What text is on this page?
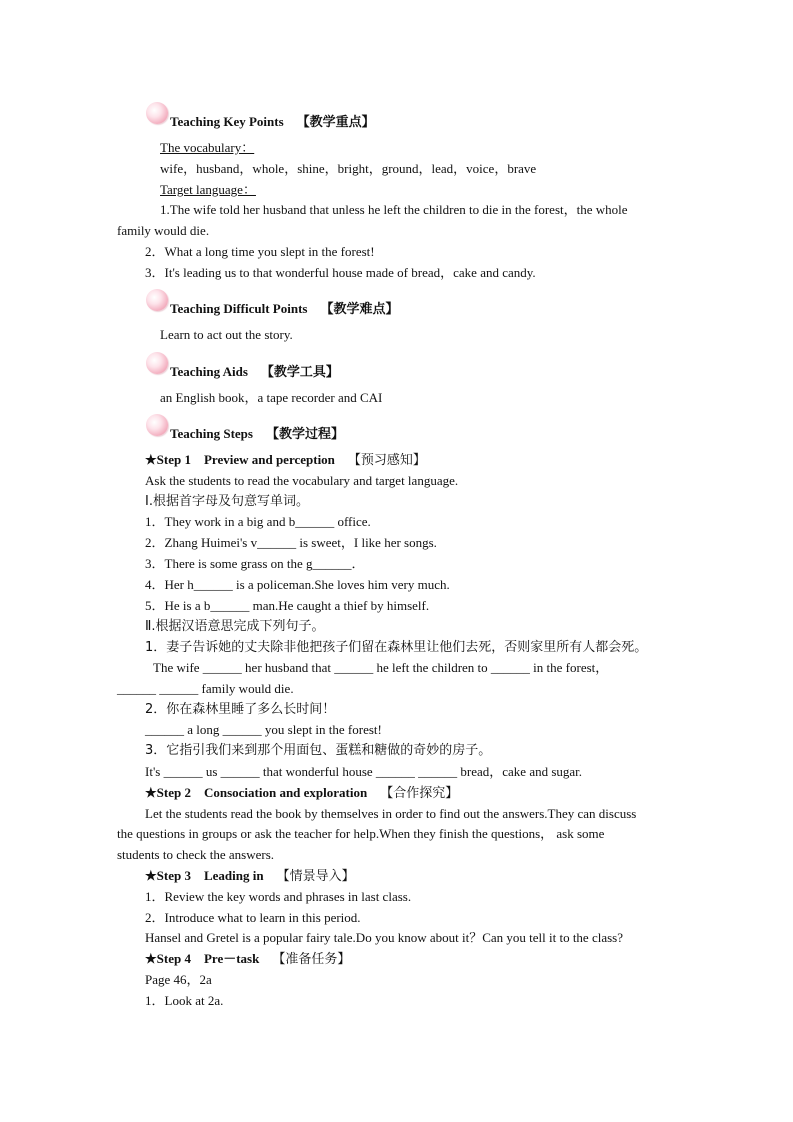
Teaching Key Points 【教学重点】
The vocabulary：
wife，husband，whole，shine，bright，ground，lead，voice，brave
Target language：
1.The wife told her husband that unless he left the children to die in the forest，the whole
family would die.
2．What a long time you slept in the forest!
3．It's leading us to that wonderful house made of bread，cake and candy.
Teaching Difficult Points 【教学难点】
Learn to act out the story.
Teaching Aids 【教学工具】
an English book，a tape recorder and CAI
Teaching Steps 【教学过程】
★Step 1　Preview and perception 【预习感知】
Ask the students to read the vocabulary and target language.
Ⅰ.根据首字母及句意写单词。
1．They work in a big and b______ office.
2．Zhang Huimei's v______ is sweet，I like her songs.
3．There is some grass on the g______．
4．Her h______ is a policeman.She loves him very much.
5．He is a b______ man.He caught a thief by himself.
Ⅱ.根据汉语意思完成下列句子。
1．妻子告诉她的丈夫除非他把孩子们留在森林里让他们去死，否则家里所有人都会死。
The wife ______ her husband that ______ he left the children to ______ in the forest，
______ ______ family would die.
2．你在森林里睡了多么长时间！
______ a long ______ you slept in the forest!
3．它指引我们来到那个用面包、蛋糕和糖做的奇妙的房子。
It's ______ us ______ that wonderful house ______ ______ bread，cake and sugar.
★Step 2　Consociation and exploration 【合作探究】
Let the students read the book by themselves in order to find out the answers.They can discuss
the questions in groups or ask the teacher for help.When they finish the questions， ask some
students to check the answers.
★Step 3　Leading in 【情景导入】
1．Review the key words and phrases in last class.
2．Introduce what to learn in this period.
Hansel and Gretel is a popular fairy tale.Do you know about it？Can you tell it to the class?
★Step 4　Pre－task 【准备任务】
Page 46，2a
1．Look at 2a.
